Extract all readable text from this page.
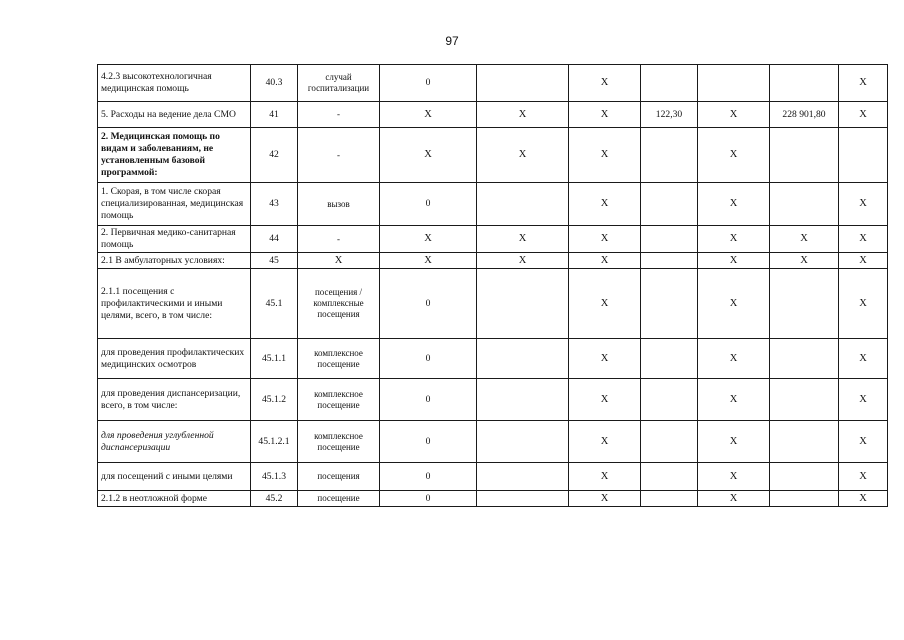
97
4.2.3 высокотехнологичная медицинская помощь	40.3	случай госпитализации	0		X				X
5. Расходы на ведение дела СМО	41	-	X	X	X	122,30	X	228 901,80	X
2. Медицинская помощь по видам и заболеваниям, не установленным базовой программой:	42	-	X	X	X		X		
1. Скорая, в том числе скорая специализированная, медицинская помощь	43	вызов	0		X		X		X
2. Первичная медико-санитарная помощь	44	-	X	X	X		X	X	X
2.1 В амбулаторных условиях:	45	X	X	X	X		X	X	X
2.1.1 посещения с профилактическими и иными целями, всего, в том числе:	45.1	посещения / комплексные посещения	0		X		X		X
для проведения профилактических медицинских осмотров	45.1.1	комплексное посещение	0		X		X		X
для проведения диспансеризации, всего, в том числе:	45.1.2	комплексное посещение	0		X		X		X
для проведения углубленной диспансеризации	45.1.2.1	комплексное посещение	0		X		X		X
для посещений с иными целями	45.1.3	посещения	0		X		X		X
2.1.2 в неотложной форме	45.2	посещение	0		X		X		X
